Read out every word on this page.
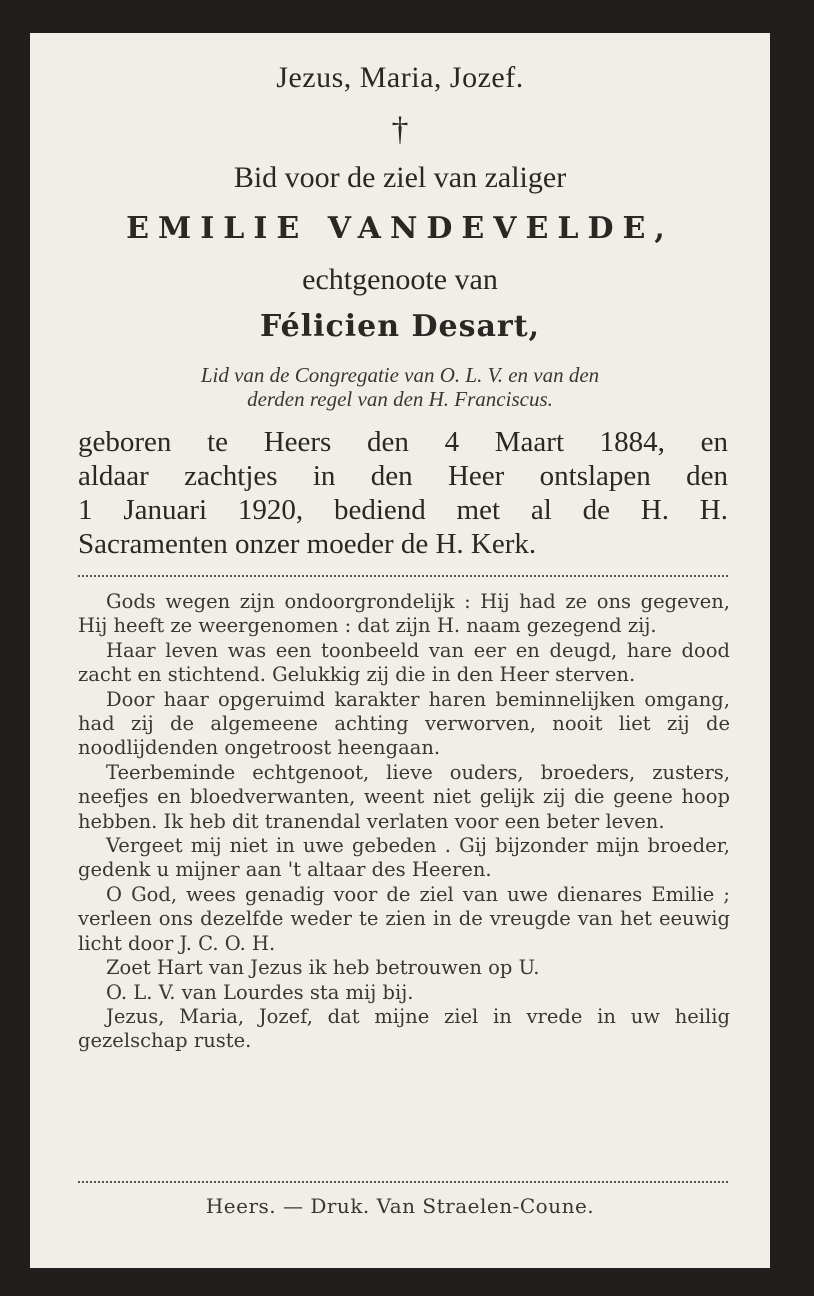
Jezus, Maria, Jozef.
†
Bid voor de ziel van zaliger
EMILIE VANDEVELDE,
echtgenoote van
Félicien Desart,
Lid van de Congregatie van O. L. V. en van den
derden regel van den H. Franciscus.
geboren te Heers den 4 Maart 1884, en
aldaar zachtjes in den Heer ontslapen den
1 Januari 1920, bediend met al de H. H.
Sacramenten onzer moeder de H. Kerk.

Gods wegen zijn ondoorgrondelijk : Hij had ze ons gegeven, Hij heeft ze weergenomen : dat zijn H. naam gezegend zij.

Haar leven was een toonbeeld van eer en deugd, hare dood zacht en stichtend. Gelukkig zij die in den Heer sterven.

Door haar opgeruimd karakter haren beminnelijken omgang, had zij de algemeene achting verworven, nooit liet zij de noodlijdenden ongetroost heengaan.

Teerbeminde echtgenoot, lieve ouders, broeders, zusters, neefjes en bloedverwanten, weent niet gelijk zij die geene hoop hebben. Ik heb dit tranendal verlaten voor een beter leven.

Vergeet mij niet in uwe gebeden . Gij bijzonder mijn broeder, gedenk u mijner aan 't altaar des Heeren.

O God, wees genadig voor de ziel van uwe dienares Emilie ; verleen ons dezelfde weder te zien in de vreugde van het eeuwig licht door J. C. O. H.

Zoet Hart van Jezus ik heb betrouwen op U.

O. L. V. van Lourdes sta mij bij.

Jezus, Maria, Jozef, dat mijne ziel in vrede in uw heilig gezelschap ruste.

Heers. — Druk. Van Straelen-Coune.
